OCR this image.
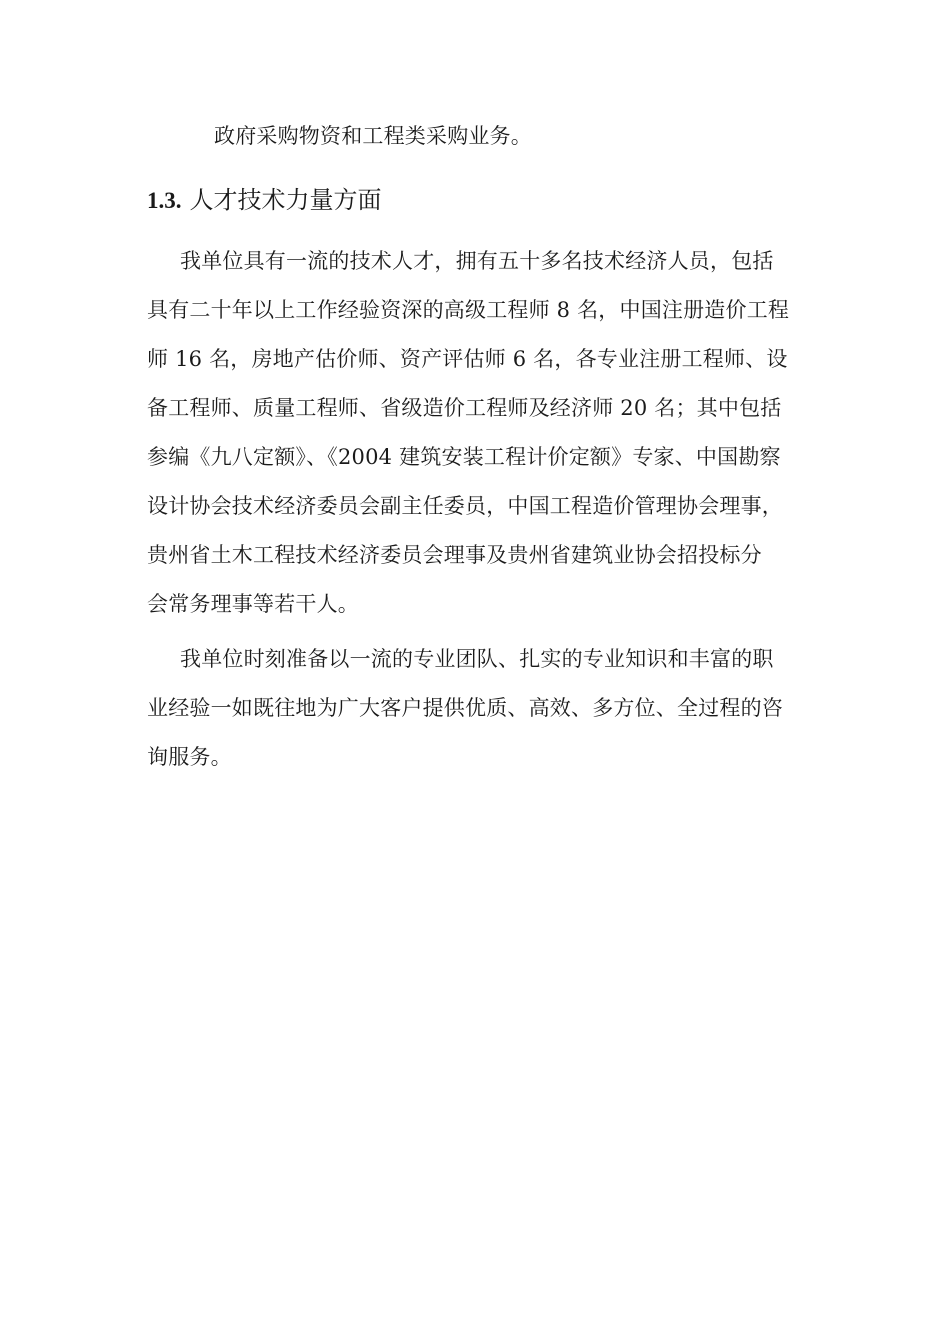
政府采购物资和工程类采购业务。
1.3. 人才技术力量方面
我单位具有一流的技术人才，拥有五十多名技术经济人员，包括
具有二十年以上工作经验资深的高级工程师 8 名，中国注册造价工程
师 16 名，房地产估价师、资产评估师 6 名，各专业注册工程师、设
备工程师、质量工程师、省级造价工程师及经济师 20 名；其中包括
参编《九八定额》、《2004 建筑安装工程计价定额》专家、中国勘察
设计协会技术经济委员会副主任委员，中国工程造价管理协会理事，
贵州省土木工程技术经济委员会理事及贵州省建筑业协会招投标分
会常务理事等若干人。
我单位时刻准备以一流的专业团队、扎实的专业知识和丰富的职
业经验一如既往地为广大客户提供优质、高效、多方位、全过程的咨
询服务。
